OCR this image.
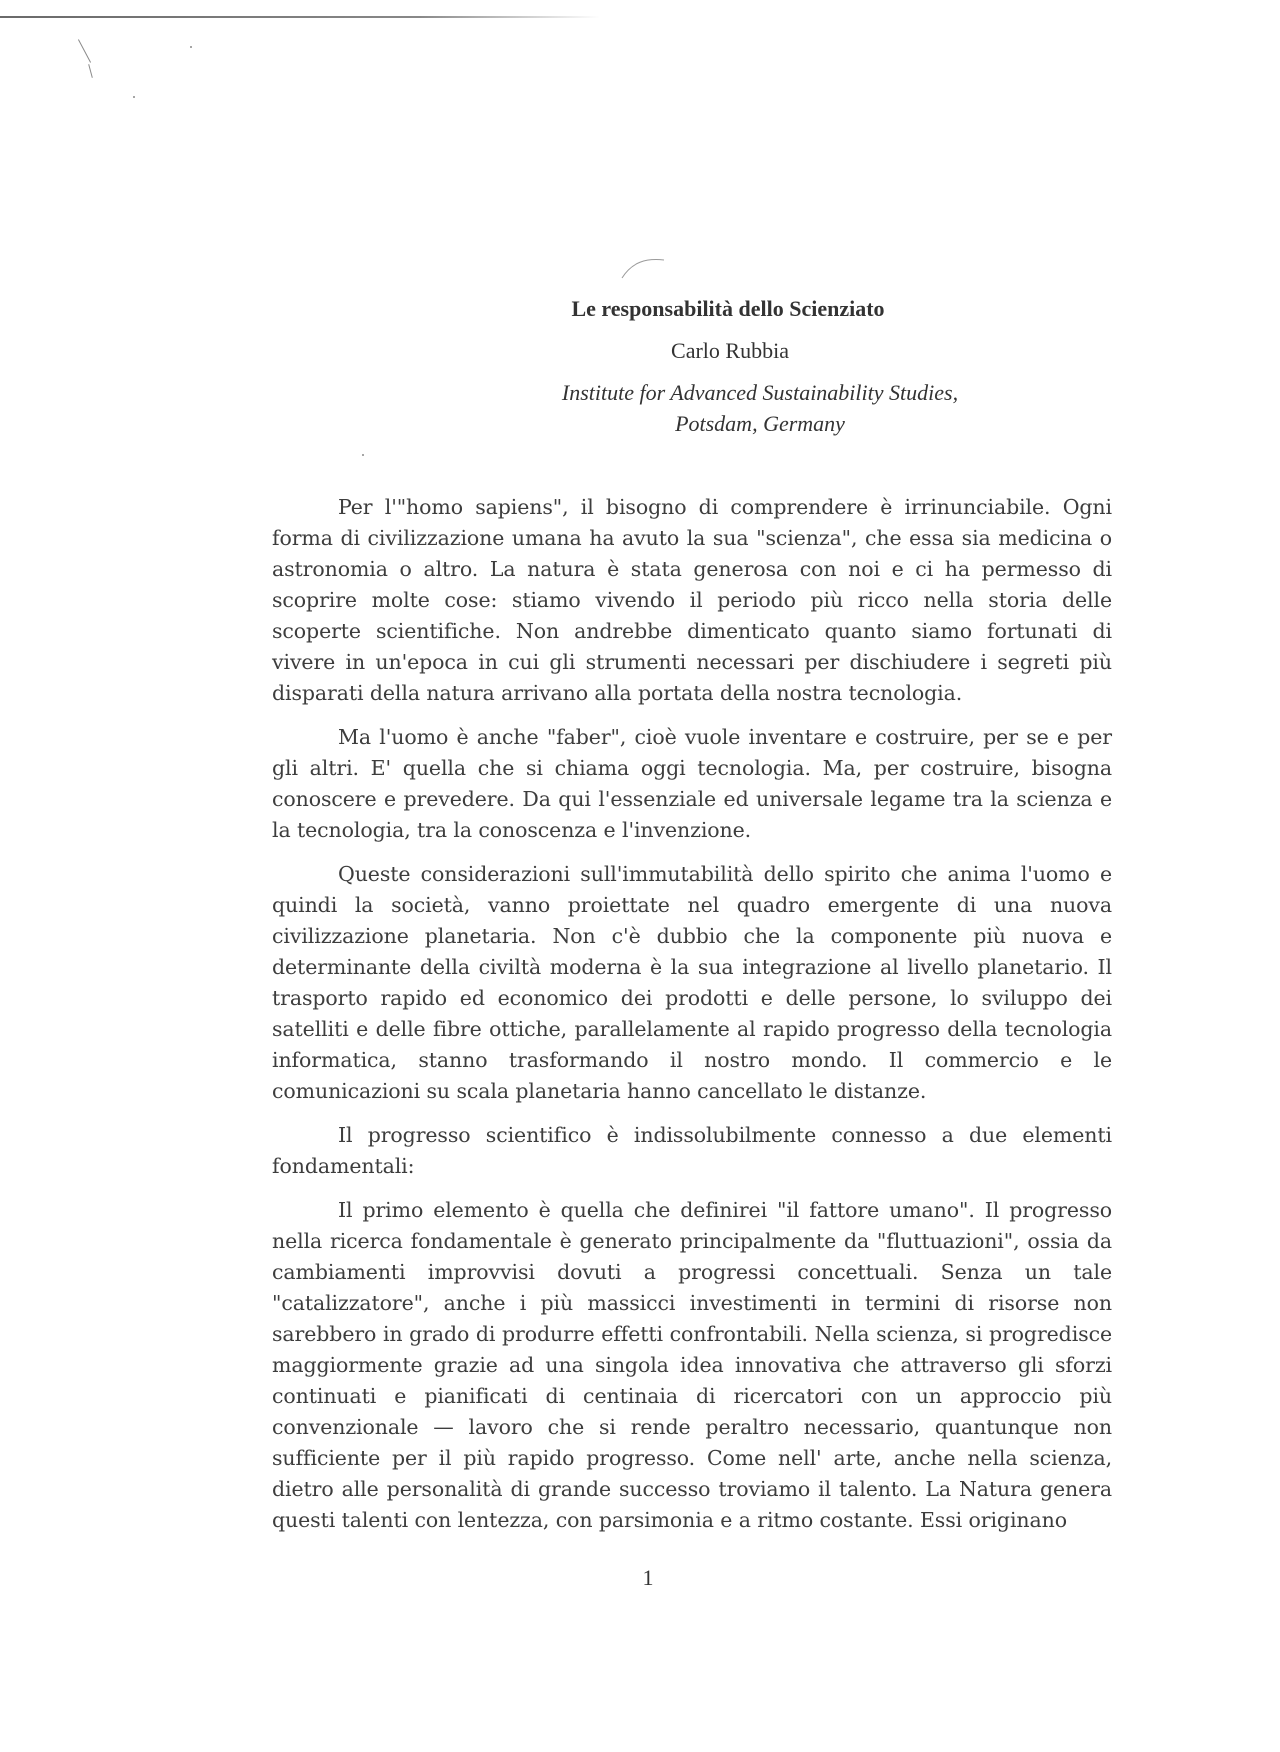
Le responsabilità dello Scienziato
Carlo Rubbia
Institute for Advanced Sustainability Studies,
Potsdam, Germany

Per l'"homo sapiens", il bisogno di comprendere è irrinunciabile. Ogni forma di civilizzazione umana ha avuto la sua "scienza", che essa sia medicina o astronomia o altro. La natura è stata generosa con noi e ci ha permesso di scoprire molte cose: stiamo vivendo il periodo più ricco nella storia delle scoperte scientifiche. Non andrebbe dimenticato quanto siamo fortunati di vivere in un'epoca in cui gli strumenti necessari per dischiudere i segreti più disparati della natura arrivano alla portata della nostra tecnologia.

Ma l'uomo è anche "faber", cioè vuole inventare e costruire, per se e per gli altri. E' quella che si chiama oggi tecnologia. Ma, per costruire, bisogna conoscere e prevedere. Da qui l'essenziale ed universale legame tra la scienza e la tecnologia, tra la conoscenza e l'invenzione.

Queste considerazioni sull'immutabilità dello spirito che anima l'uomo e quindi la società, vanno proiettate nel quadro emergente di una nuova civilizzazione planetaria. Non c'è dubbio che la componente più nuova e determinante della civiltà moderna è la sua integrazione al livello planetario. Il trasporto rapido ed economico dei prodotti e delle persone, lo sviluppo dei satelliti e delle fibre ottiche, parallelamente al rapido progresso della tecnologia informatica, stanno trasformando il nostro mondo. Il commercio e le comunicazioni su scala planetaria hanno cancellato le distanze.

Il progresso scientifico è indissolubilmente connesso a due elementi fondamentali:

Il primo elemento è quella che definirei "il fattore umano". Il progresso nella ricerca fondamentale è generato principalmente da "fluttuazioni", ossia da cambiamenti improvvisi dovuti a progressi concettuali. Senza un tale "catalizzatore", anche i più massicci investimenti in termini di risorse non sarebbero in grado di produrre effetti confrontabili. Nella scienza, si progredisce maggiormente grazie ad una singola idea innovativa che attraverso gli sforzi continuati e pianificati di centinaia di ricercatori con un approccio più convenzionale — lavoro che si rende peraltro necessario, quantunque non sufficiente per il più rapido progresso. Come nell' arte, anche nella scienza, dietro alle personalità di grande successo troviamo il talento. La Natura genera questi talenti con lentezza, con parsimonia e a ritmo costante. Essi originano

1
